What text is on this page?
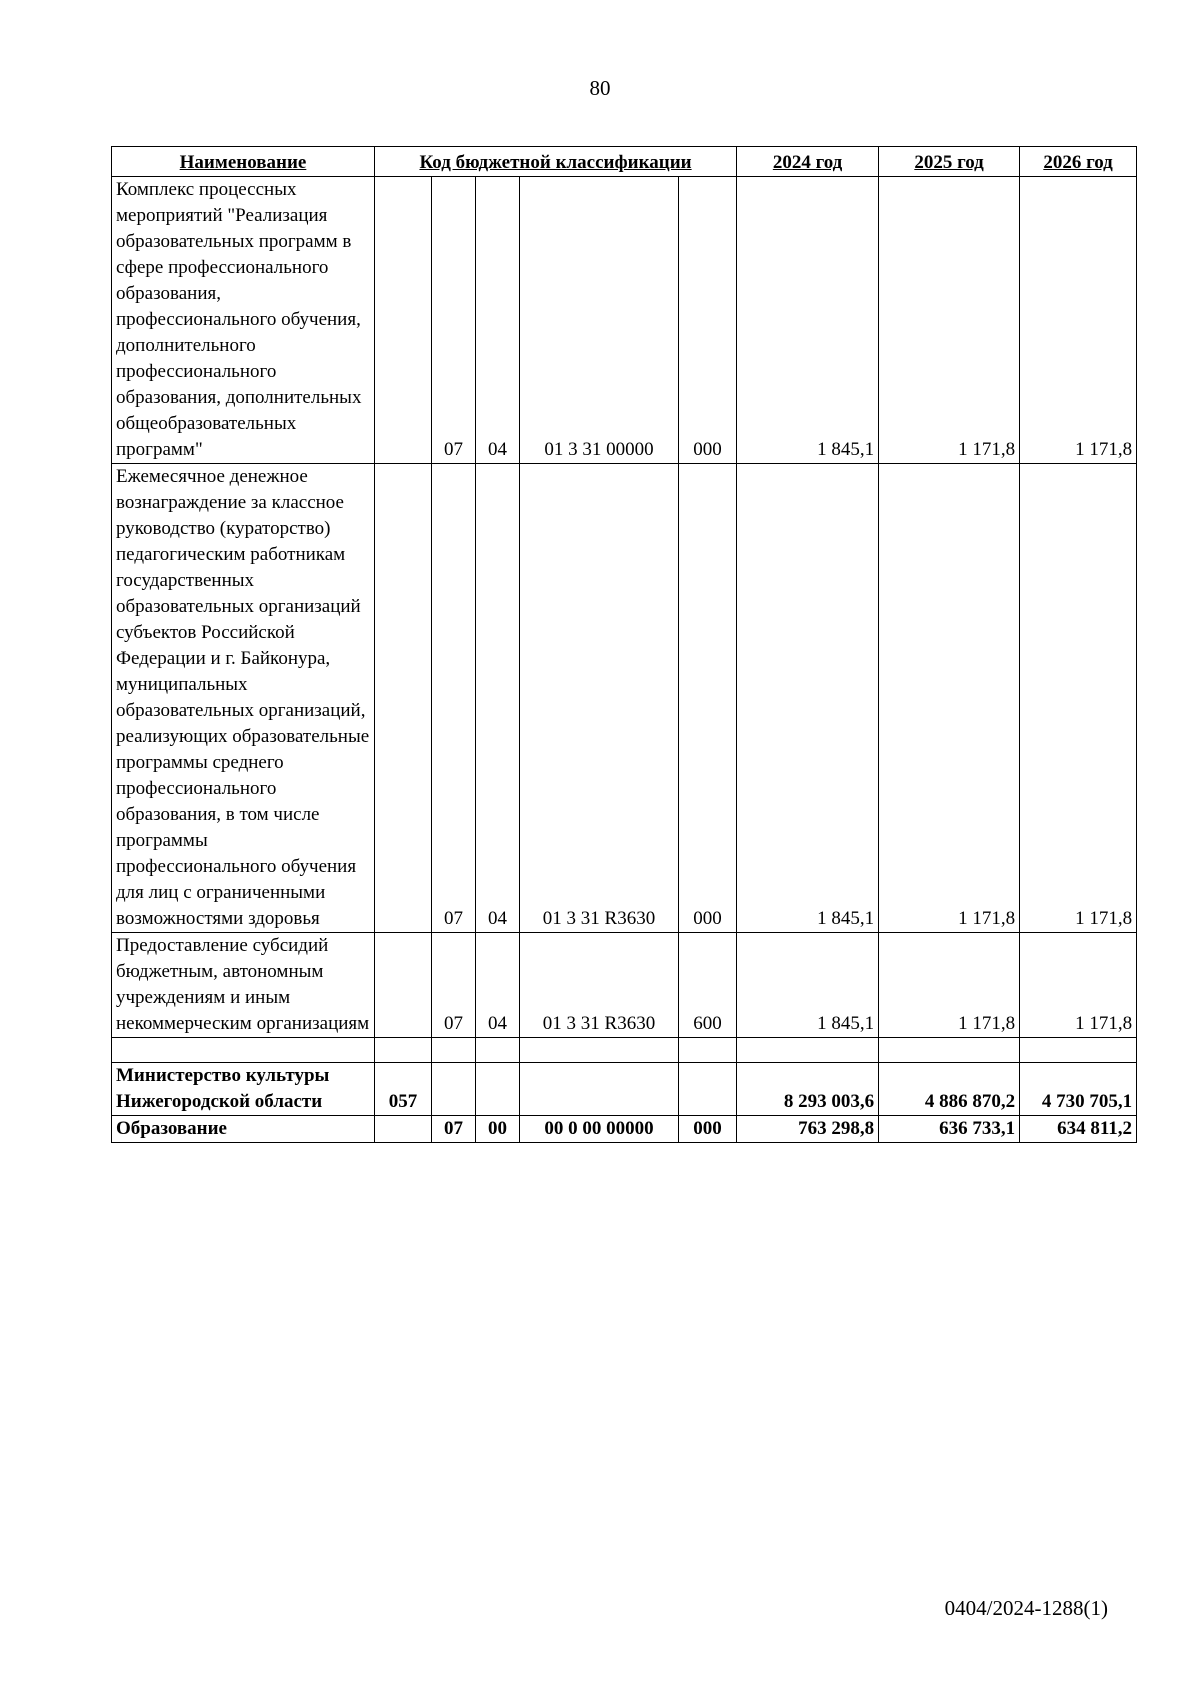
80
Наименование	Код бюджетной классификации					2024 год	2025 год	2026 год
Комплекс процессных мероприятий "Реализация образовательных программ в сфере профессионального образования, профессионального обучения, дополнительного профессионального образования, дополнительных общеобразовательных программ"		07	04	01 3 31 00000	000	1 845,1	1 171,8	1 171,8
Ежемесячное денежное вознаграждение за классное руководство (кураторство) педагогическим работникам государственных образовательных организаций субъектов Российской Федерации и г. Байконура, муниципальных образовательных организаций, реализующих образовательные программы среднего профессионального образования, в том числе программы профессионального обучения для лиц с ограниченными возможностями здоровья		07	04	01 3 31 R3630	000	1 845,1	1 171,8	1 171,8
Предоставление субсидий бюджетным, автономным учреждениям и иным некоммерческим организациям		07	04	01 3 31 R3630	600	1 845,1	1 171,8	1 171,8

Министерство культуры Нижегородской области	057					8 293 003,6	4 886 870,2	4 730 705,1
Образование		07	00	00 0 00 00000	000	763 298,8	636 733,1	634 811,2
0404/2024-1288(1)
